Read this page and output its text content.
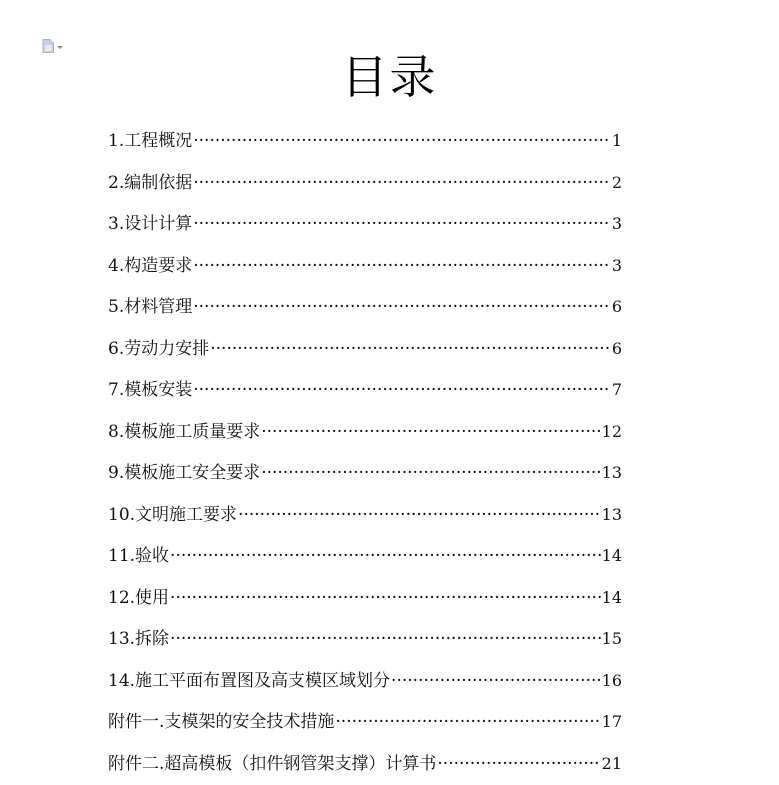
目录
1.工程概况 ·····	1
2.编制依据 ·····	2
3.设计计算 ·····	3
4.构造要求 ·····	3
5.材料管理 ·····	6
6.劳动力安排 ·····	6
7.模板安装 ·····	7
8.模板施工质量要求 ·····	12
9.模板施工安全要求 ·····	13
10.文明施工要求 ·····	13
11.验收 ·····	14
12.使用 ·····	14
13.拆除 ·····	15
14.施工平面布置图及高支模区域划分 ·····	16
附件一.支模架的安全技术措施 ·····	17
附件二.超高模板（扣件钢管架支撑）计算书 ·····	21
